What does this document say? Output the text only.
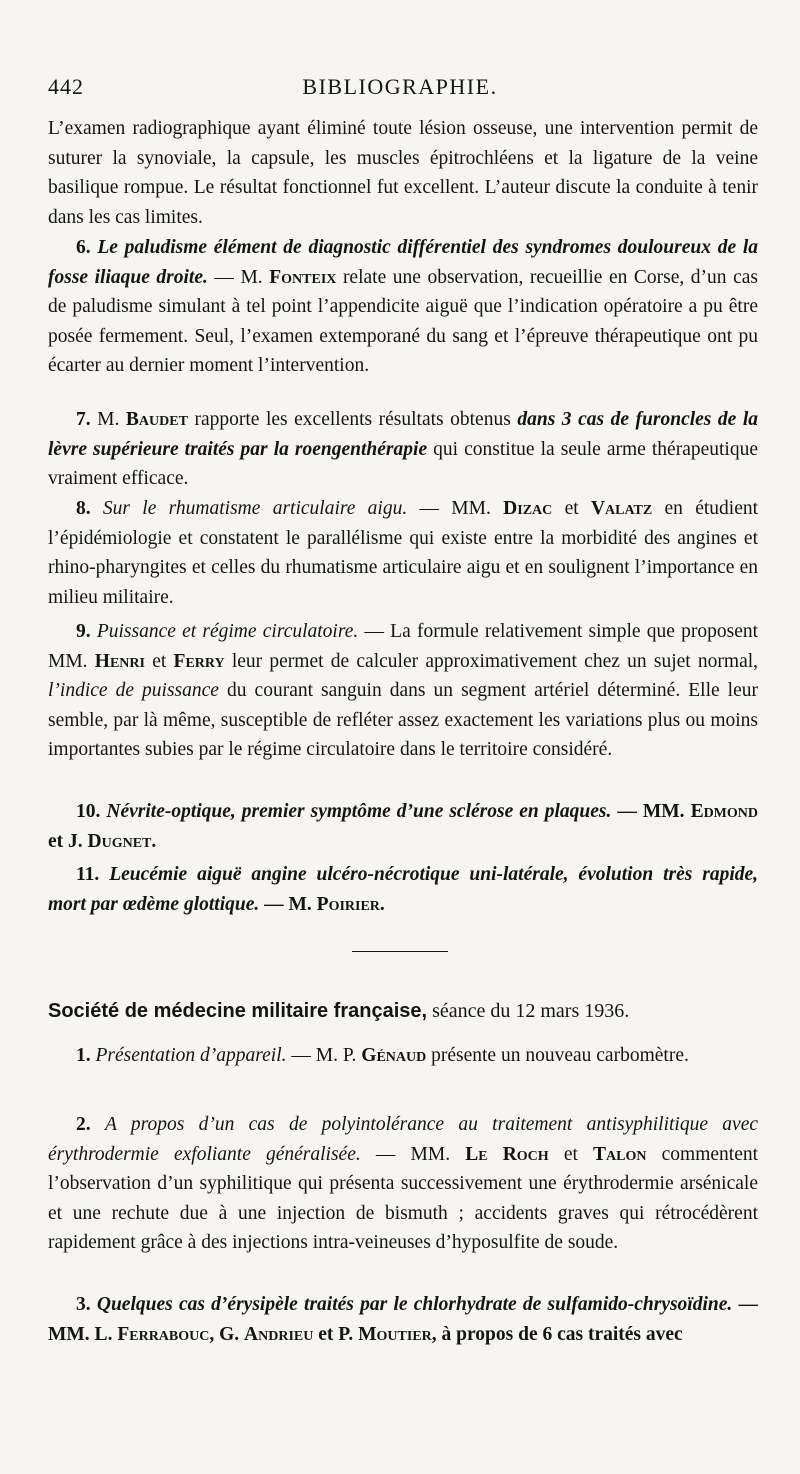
442	BIBLIOGRAPHIE.

L’examen radiographique ayant éliminé toute lésion osseuse, une intervention permit de suturer la synoviale, la capsule, les muscles épitrochléens et la ligature de la veine basilique rompue. Le résultat fonctionnel fut excellent. L’auteur discute la conduite à tenir dans les cas limites.

6. Le paludisme élément de diagnostic différentiel des syndromes douloureux de la fosse iliaque droite. — M. Fonteix relate une observation, recueillie en Corse, d’un cas de paludisme simulant à tel point l’appendicite aiguë que l’indication opératoire a pu être posée fermement. Seul, l’examen extemporané du sang et l’épreuve thérapeutique ont pu écarter au dernier moment l’intervention.

7. M. Baudet rapporte les excellents résultats obtenus dans 3 cas de furoncles de la lèvre supérieure traités par la roengenthérapie qui constitue la seule arme thérapeutique vraiment efficace.

8. Sur le rhumatisme articulaire aigu. — MM. Dizac et Valatz en étudient l’épidémiologie et constatent le parallélisme qui existe entre la morbidité des angines et rhino-pharyngites et celles du rhumatisme articulaire aigu et en soulignent l’importance en milieu militaire.

9. Puissance et régime circulatoire. — La formule relativement simple que proposent MM. Henri et Ferry leur permet de calculer approximativement chez un sujet normal, l’indice de puissance du courant sanguin dans un segment artériel déterminé. Elle leur semble, par là même, susceptible de refléter assez exactement les variations plus ou moins importantes subies par le régime circulatoire dans le territoire considéré.

10. Névrite-optique, premier symptôme d’une sclérose en plaques. — MM. Edmond et J. Dugnet.

11. Leucémie aiguë angine ulcéro-nécrotique uni-latérale, évolution très rapide, mort par œdème glottique. — M. Poirier.

Société de médecine militaire française, séance du 12 mars 1936.

1. Présentation d’appareil. — M. P. Génaud présente un nouveau carbomètre.

2. A propos d’un cas de polyintolérance au traitement antisyphilitique avec érythrodermie exfoliante généralisée. — MM. Le Roch et Talon commentent l’observation d’un syphilitique qui présenta successivement une érythrodermie arsénicale et une rechute due à une injection de bismuth ; accidents graves qui rétrocédèrent rapidement grâce à des injections intra-veineuses d’hyposulfite de soude.

3. Quelques cas d’érysipèle traités par le chlorhydrate de sulfamido-chrysoïdine. — MM. L. Ferrabouc, G. Andrieu et P. Moutier, à propos de 6 cas traités avec
